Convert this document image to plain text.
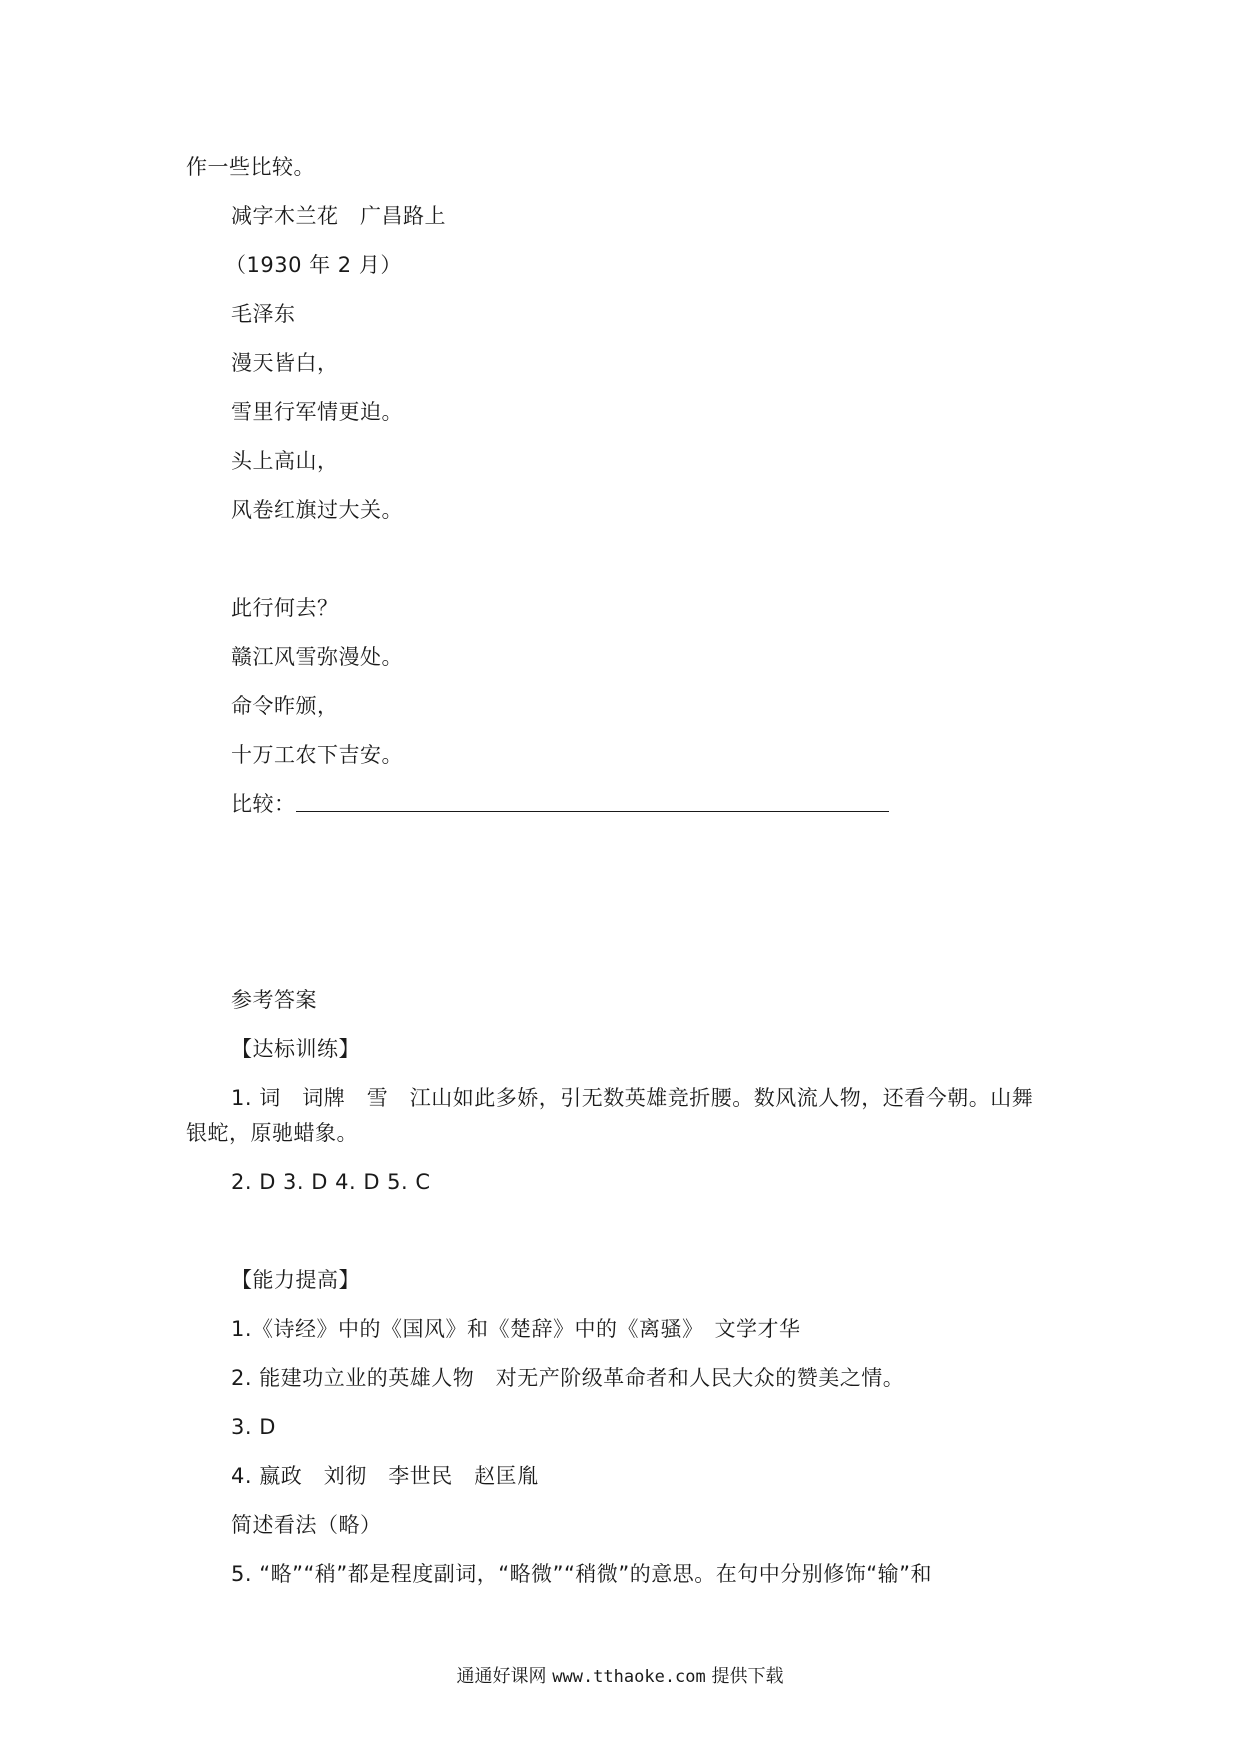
作一些比较。
减字木兰花　广昌路上
（1930 年 2 月）
毛泽东
漫天皆白，
雪里行军情更迫。
头上高山，
风卷红旗过大关。
此行何去？
赣江风雪弥漫处。
命令昨颁，
十万工农下吉安。
比较：
参考答案
【达标训练】
1. 词　词牌　雪　江山如此多娇，引无数英雄竞折腰。数风流人物，还看今朝。山舞
银蛇，原驰蜡象。
2. D 3. D 4. D 5. C
【能力提高】
1.《诗经》中的《国风》和《楚辞》中的《离骚》　文学才华
2. 能建功立业的英雄人物　对无产阶级革命者和人民大众的赞美之情。
3. D
4. 嬴政　刘彻　李世民　赵匡胤
简述看法（略）
5. “略”“稍”都是程度副词，“略微”“稍微”的意思。在句中分别修饰“输”和
通通好课网 www.tthaoke.com 提供下载
